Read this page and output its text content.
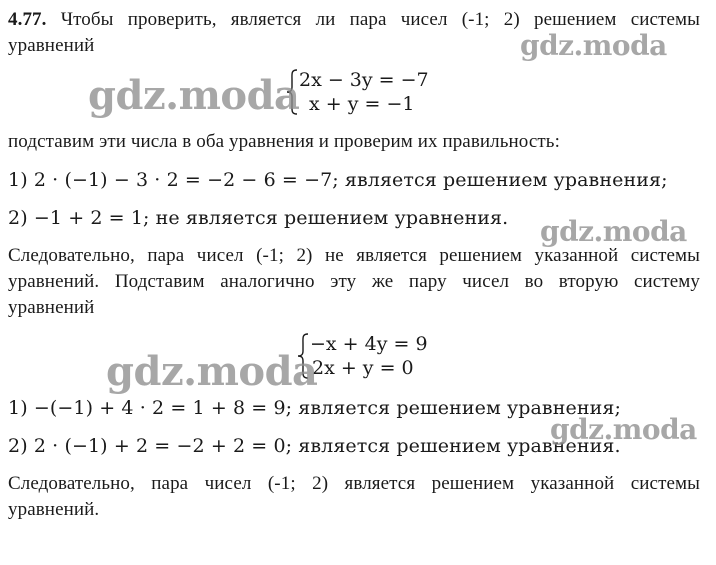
4.77. Чтобы проверить, является ли пара чисел (-1; 2) решением системы
уравнений
2x − 3y = −7
x + y = −1
подставим эти числа в оба уравнения и проверим их правильность:
1) 2 · (−1) − 3 · 2 = −2 − 6 = −7; является решением уравнения;
2) −1 + 2 = 1; не является решением уравнения.
Следовательно, пара чисел (-1; 2) не является решением указанной системы
уравнений. Подставим аналогично эту же пару чисел во вторую систему
уравнений
−x + 4y = 9
2x + y = 0
1) −(−1) + 4 · 2 = 1 + 8 = 9; является решением уравнения;
2) 2 · (−1) + 2 = −2 + 2 = 0; является решением уравнения.
Следовательно, пара чисел (-1; 2) является решением указанной системы
уравнений.
gdz.moda
gdz.moda
gdz.moda
gdz.moda
gdz.moda
